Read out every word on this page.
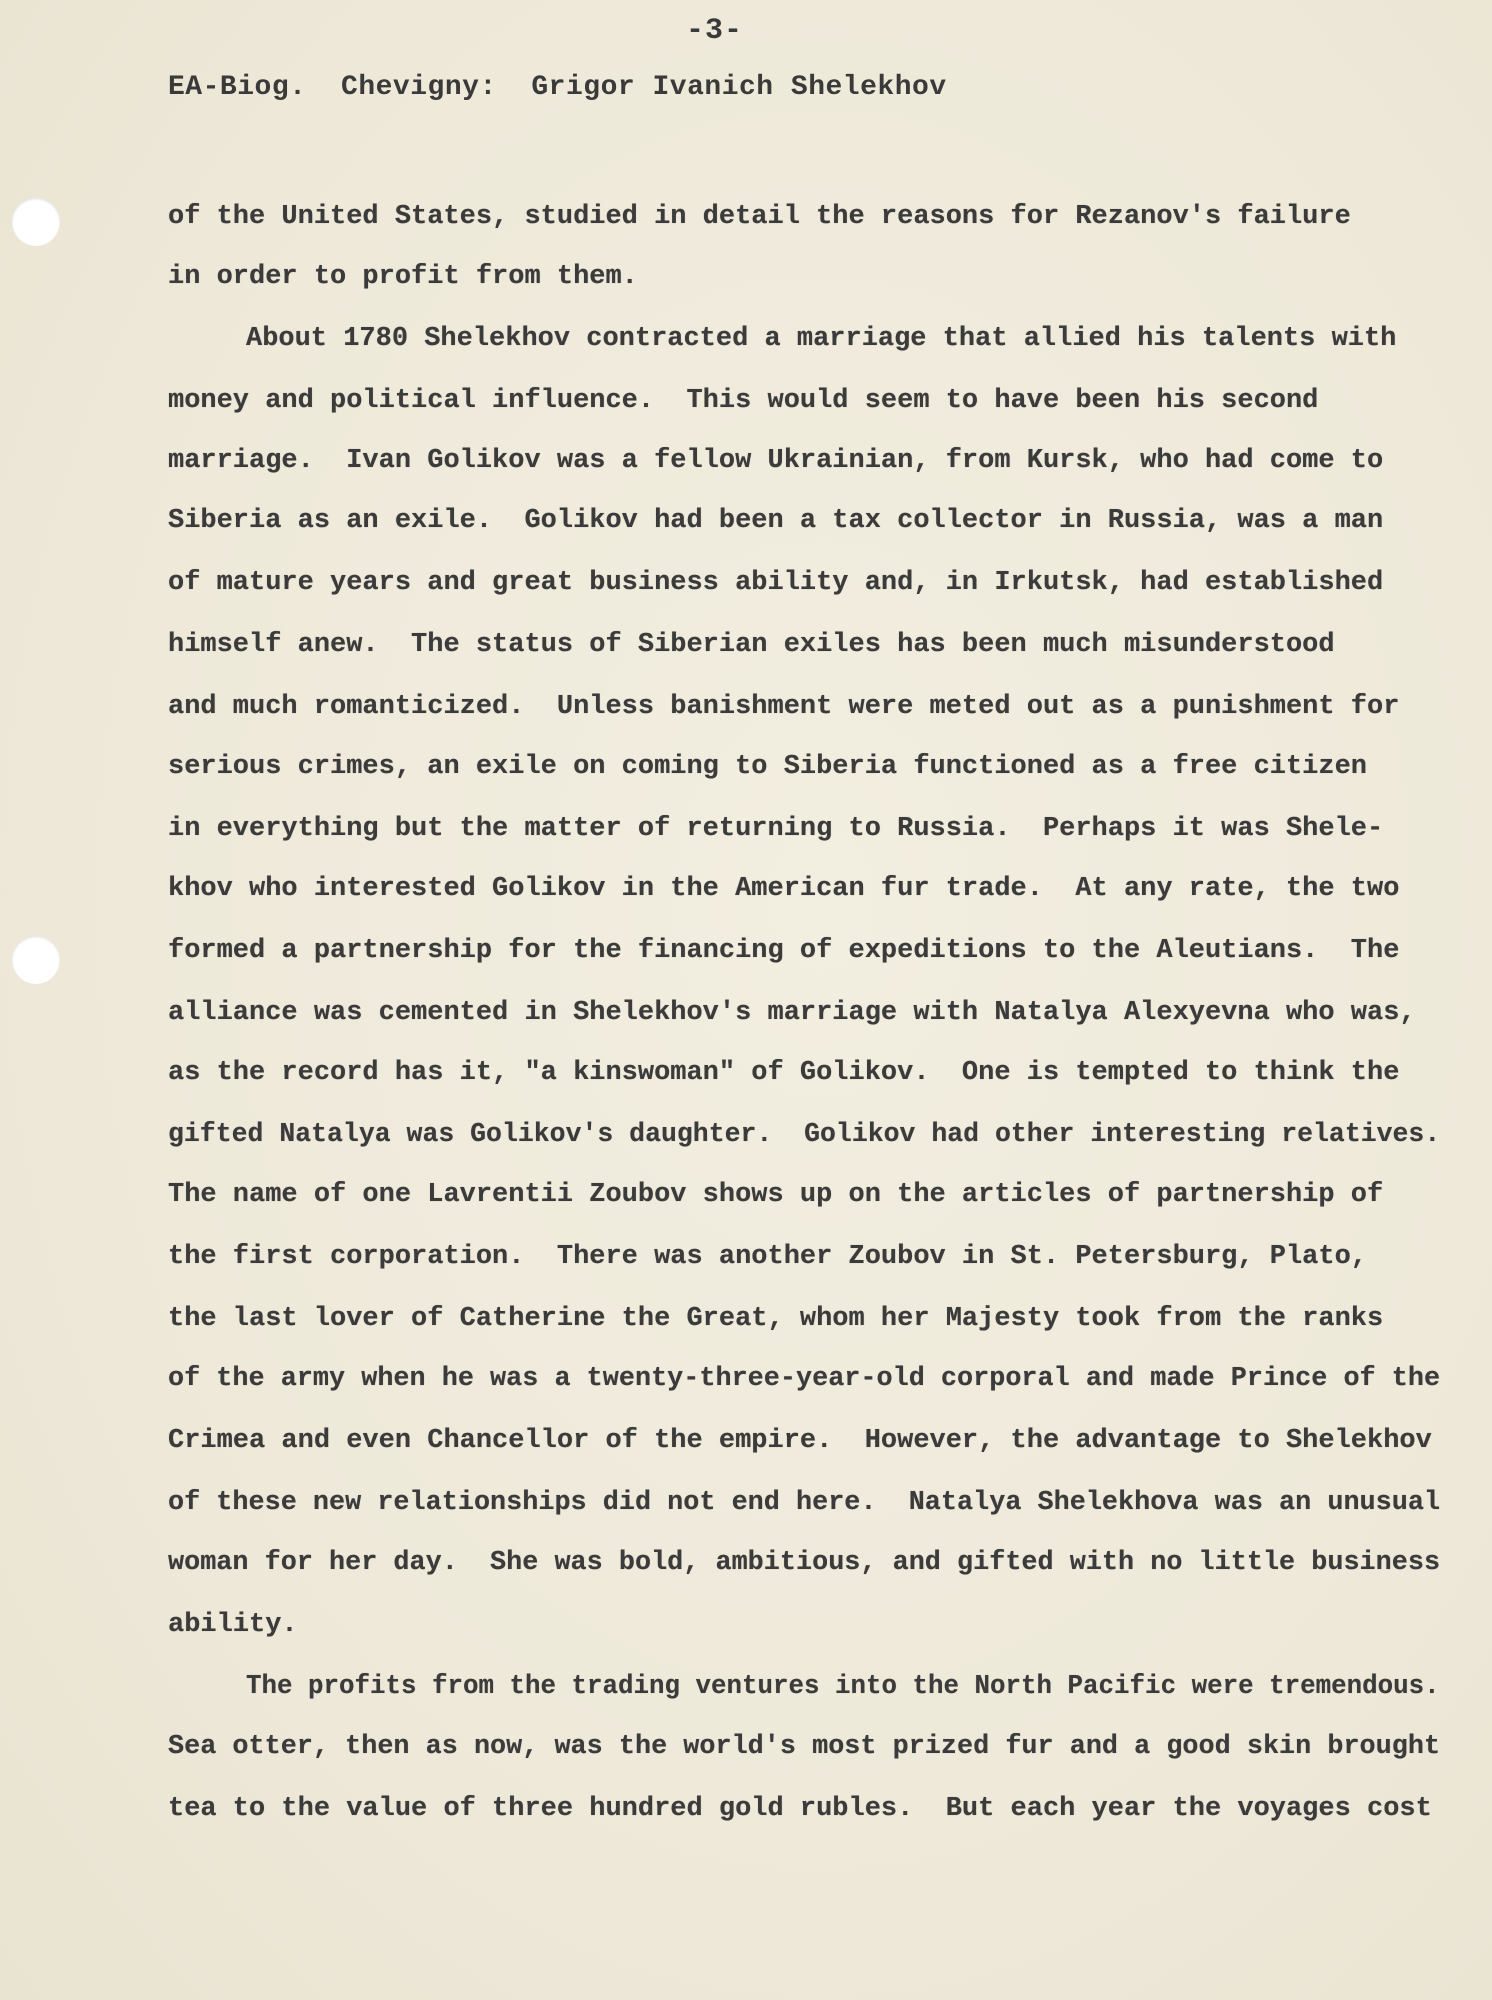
-3-
EA-Biog.  Chevigny:  Grigor Ivanich Shelekhov
of the United States, studied in detail the reasons for Rezanov's failure
in order to profit from them.
About 1780 Shelekhov contracted a marriage that allied his talents with
money and political influence.  This would seem to have been his second
marriage.  Ivan Golikov was a fellow Ukrainian, from Kursk, who had come to
Siberia as an exile.  Golikov had been a tax collector in Russia, was a man
of mature years and great business ability and, in Irkutsk, had established
himself anew.  The status of Siberian exiles has been much misunderstood
and much romanticized.  Unless banishment were meted out as a punishment for
serious crimes, an exile on coming to Siberia functioned as a free citizen
in everything but the matter of returning to Russia.  Perhaps it was Shele-
khov who interested Golikov in the American fur trade.  At any rate, the two
formed a partnership for the financing of expeditions to the Aleutians.  The
alliance was cemented in Shelekhov's marriage with Natalya Alexyevna who was,
as the record has it, "a kinswoman" of Golikov.  One is tempted to think the
gifted Natalya was Golikov's daughter.  Golikov had other interesting relatives.
The name of one Lavrentii Zoubov shows up on the articles of partnership of
the first corporation.  There was another Zoubov in St. Petersburg, Plato,
the last lover of Catherine the Great, whom her Majesty took from the ranks
of the army when he was a twenty-three-year-old corporal and made Prince of the
Crimea and even Chancellor of the empire.  However, the advantage to Shelekhov
of these new relationships did not end here.  Natalya Shelekhova was an unusual
woman for her day.  She was bold, ambitious, and gifted with no little business
ability.
The profits from the trading ventures into the North Pacific were tremendous.
Sea otter, then as now, was the world's most prized fur and a good skin brought
tea to the value of three hundred gold rubles.  But each year the voyages cost
